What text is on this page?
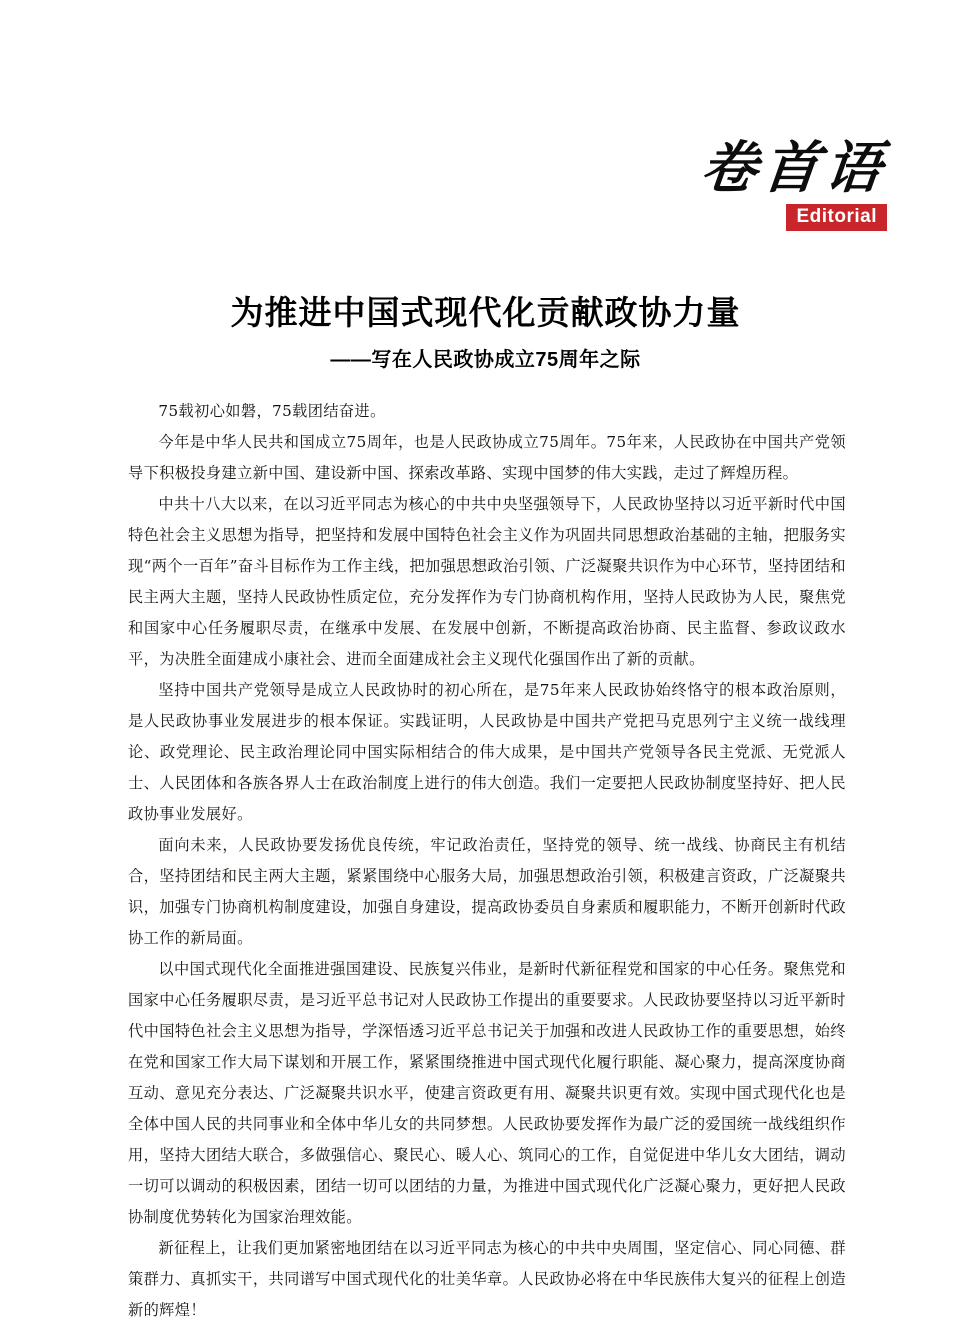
卷首语
Editorial
为推进中国式现代化贡献政协力量
——写在人民政协成立75周年之际

75载初心如磐，75载团结奋进。

今年是中华人民共和国成立75周年，也是人民政协成立75周年。75年来，人民政协在中国共产党领导下积极投身建立新中国、建设新中国、探索改革路、实现中国梦的伟大实践，走过了辉煌历程。

中共十八大以来，在以习近平同志为核心的中共中央坚强领导下，人民政协坚持以习近平新时代中国特色社会主义思想为指导，把坚持和发展中国特色社会主义作为巩固共同思想政治基础的主轴，把服务实现“两个一百年”奋斗目标作为工作主线，把加强思想政治引领、广泛凝聚共识作为中心环节，坚持团结和民主两大主题，坚持人民政协性质定位，充分发挥作为专门协商机构作用，坚持人民政协为人民，聚焦党和国家中心任务履职尽责，在继承中发展、在发展中创新，不断提高政治协商、民主监督、参政议政水平，为决胜全面建成小康社会、进而全面建成社会主义现代化强国作出了新的贡献。

坚持中国共产党领导是成立人民政协时的初心所在，是75年来人民政协始终恪守的根本政治原则，是人民政协事业发展进步的根本保证。实践证明，人民政协是中国共产党把马克思列宁主义统一战线理论、政党理论、民主政治理论同中国实际相结合的伟大成果，是中国共产党领导各民主党派、无党派人士、人民团体和各族各界人士在政治制度上进行的伟大创造。我们一定要把人民政协制度坚持好、把人民政协事业发展好。

面向未来，人民政协要发扬优良传统，牢记政治责任，坚持党的领导、统一战线、协商民主有机结合，坚持团结和民主两大主题，紧紧围绕中心服务大局，加强思想政治引领，积极建言资政，广泛凝聚共识，加强专门协商机构制度建设，加强自身建设，提高政协委员自身素质和履职能力，不断开创新时代政协工作的新局面。

以中国式现代化全面推进强国建设、民族复兴伟业，是新时代新征程党和国家的中心任务。聚焦党和国家中心任务履职尽责，是习近平总书记对人民政协工作提出的重要要求。人民政协要坚持以习近平新时代中国特色社会主义思想为指导，学深悟透习近平总书记关于加强和改进人民政协工作的重要思想，始终在党和国家工作大局下谋划和开展工作，紧紧围绕推进中国式现代化履行职能、凝心聚力，提高深度协商互动、意见充分表达、广泛凝聚共识水平，使建言资政更有用、凝聚共识更有效。实现中国式现代化也是全体中国人民的共同事业和全体中华儿女的共同梦想。人民政协要发挥作为最广泛的爱国统一战线组织作用，坚持大团结大联合，多做强信心、聚民心、暖人心、筑同心的工作，自觉促进中华儿女大团结，调动一切可以调动的积极因素，团结一切可以团结的力量，为推进中国式现代化广泛凝心聚力，更好把人民政协制度优势转化为国家治理效能。

新征程上，让我们更加紧密地团结在以习近平同志为核心的中共中央周围，坚定信心、同心同德、群策群力、真抓实干，共同谱写中国式现代化的壮美华章。人民政协必将在中华民族伟大复兴的征程上创造新的辉煌！
